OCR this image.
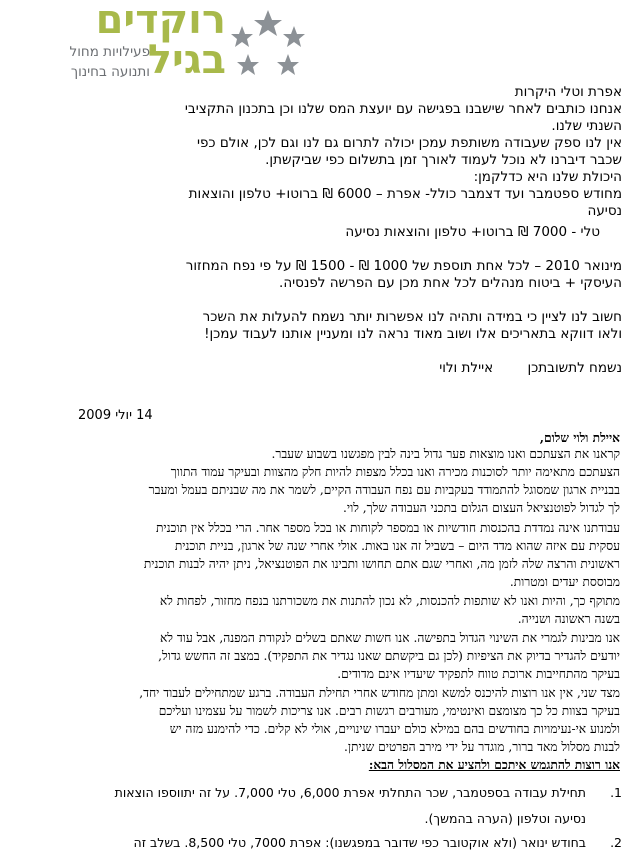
רוקדים
בגיל
פעילויות מחול
ותנועה בחינוך
אפרת וטלי היקרות
אנחנו כותבים לאחר שישבנו בפגישה עם יועצת המס שלנו וכן בתכנון התקציבי
השנתי שלנו.
אין לנו ספק שעבודה משותפת עמכן יכולה לתרום גם לנו וגם לכן, אולם כפי
שכבר דיברנו לא נוכל לעמוד לאורך זמן בתשלום כפי שביקשתן.
היכולת שלנו היא כדלקמן:
מחודש ספטמבר ועד דצמבר כולל- אפרת – 6000 ₪ ברוטו+ טלפון והוצאות
נסיעה
טלי - 7000 ₪ ברוטו+ טלפון והוצאות נסיעה
מינואר 2010 – לכל אחת תוספת של 1000 ₪ - 1500 ₪ על פי נפח המחזור
העיסקי + ביטוח מנהלים לכל אחת מכן עם הפרשה לפנסיה.
חשוב לנו לציין כי במידה ותהיה לנו אפשרות יותר נשמח להעלות את השכר
ולאו דווקא בתאריכים אלו ושוב מאוד נראה לנו ומעניין אותנו לעבוד עמכן!
נשמח לתשובתכן        איילת ולוי
14 יולי 2009
איילת ולוי שלום,
קראנו את הצעתכם ואנו מוצאות פער גדול בינה לבין מפגשנו בשבוע שעבר.
הצעתכם מתאימה יותר לסוכנות מכירה ואנו בכלל מצפות להיות חלק מהצוות ובעיקר עמוד התווך
בבניית ארגון שמסוגל להתמודד בעקביות עם נפח העבודה הקיים, לשמר את מה שבניתם בעמל ומעבר
לך לגדול לפוטנציאל העצום הגלום בתכני העבודה שלך, לוי.
עבודתנו אינה נמדדת בהכנסות חודשיות או במספר לקוחות או בכל מספר אחר. הרי בכלל אין תוכנית
עסקית עם איזה שהוא מדד היום – בשביל זה אנו באות. אולי אחרי שנה של ארגון, בניית תוכנית
ראשונית והרצה שלה לזמן מה, ואחרי שגם אתם תחושו ותבינו את הפוטנציאל, ניתן יהיה לבנות תוכנית
מבוססת יעדים ומטרות.
מתוקף כך, והיות ואנו לא שותפות להכנסות, לא נכון להתנות את משכורתנו בנפח מחזור, לפחות לא
בשנה ראשונה ושנייה.
אנו מבינות לגמרי את השינוי הגדול בתפישה. אנו חשות שאתם בשלים לנקודת המפנה, אבל עוד לא
יודעים להגדיר בדיוק את הציפיות (לכן גם ביקשתם שאנו נגדיר את התפקיד). במצב זה החשש גדול,
בעיקר מהתחייבות ארוכת טווח לתפקיד שיעדיו אינם מדודים.
מצד שני, אין אנו רוצות להיכנס למשא ומתן מחודש אחרי תחילת העבודה. ברגע שמתחילים לעבוד יחד,
בעיקר בצוות כל כך מצומצם ואינטימי, מעורבים רגשות רבים. אנו צריכות לשמור על עצמינו ועליכם
ולמנוע אי-נעימויות בחודשים בהם במילא כולם יעברו שינויים, אולי לא קלים. כדי להימנע מזה יש
לבנות מסלול מאד ברור, מוגדר על ידי מירב הפרטים שניתן.
אנו רוצות להתגמש איתכם ולהציע את המסלול הבא:
1.
תחילת עבודה בספטמבר, שכר התחלתי אפרת 6,000, טלי 7,000. על זה יתווספו הוצאות
נסיעה וטלפון (הערה בהמשך).
2.
בחודש ינואר (ולא אוקטובר כפי שדובר במפגשנו): אפרת 7000, טלי 8,500. בשלב זה
